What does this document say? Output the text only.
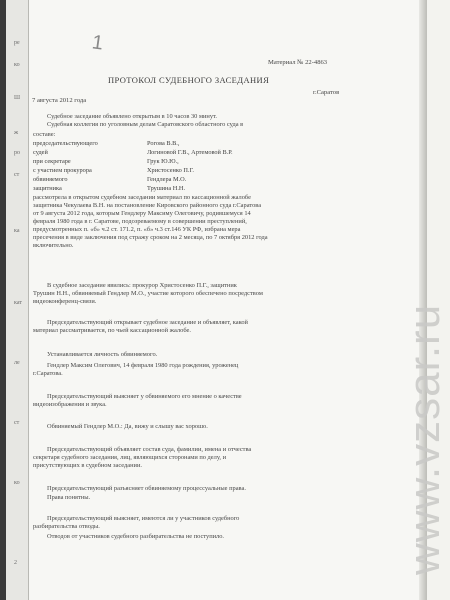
ре
ко
Ш
ж
ро
ст
ка
кат
ле
ст
ко
2
1
Материал № 22-4863
ПРОТОКОЛ СУДЕБНОГО ЗАСЕДАНИЯ
г.Саратов
7 августа 2012 года
Судебное заседание объявлено открытым в 10 часов 30 минут.
Судебная коллегия по уголовным делам Саратовского областного суда в
составе:
председательствующего	Рогова В.В.,
судей	Логиновой Г.В., Артемовой В.Р.
при секретаре	Грук Ю.Ю.,
с участием прокурора	Христосенко П.Г.
обвиняемого	Гендлера М.О.
защитника	Трушина Н.Н.
рассмотрела в открытом судебном заседании материал по кассационной жалобе
защитника Чекулаева В.Н. на постановление Кировского районного суда г.Саратова
от 9 августа 2012 года, которым Гендлеру Максиму Олеговичу, родившемуся 14
февраля 1980 года в г. Саратове, подозреваемому в совершении преступлений,
предусмотренных п. «б» ч.2 ст. 171.2, п. «б» ч.3 ст.146 УК РФ, избрана мера
пресечения в виде заключения под стражу сроком на 2 месяца, по 7 октября 2012 года
включительно.
В судебное заседание явились: прокурор Христосенко П.Г., защитник
Трушин Н.Н., обвиняемый Гендлер М.О., участие которого обеспечено посредством
видеоконференц-связи.
Председательствующий открывает судебное заседание и объявляет, какой
материал рассматривается, по чьей кассационной жалобе.
Устанавливается личность обвиняемого.
Гендлер Максим Олегович, 14 февраля 1980 года рождения, уроженец
г.Саратова.
Председательствующий выясняет у обвиняемого его мнение о качестве
видеоизображения и звука.
Обвиняемый Гендлер М.О.: Да, вижу и слышу вас хорошо.
Председательствующий объявляет состав суда, фамилии, имена и отчества
секретаря судебного заседания, лиц, являющихся сторонами по делу, и
присутствующих в судебном заседании.
Председательствующий разъясняет обвиняемому процессуальные права.
Права понятны.
Председательствующий выясняет, имеются ли у участников судебного
разбирательства отводы.
Отводов от участников судебного разбирательства не поступило.	www.vzsar.ru
